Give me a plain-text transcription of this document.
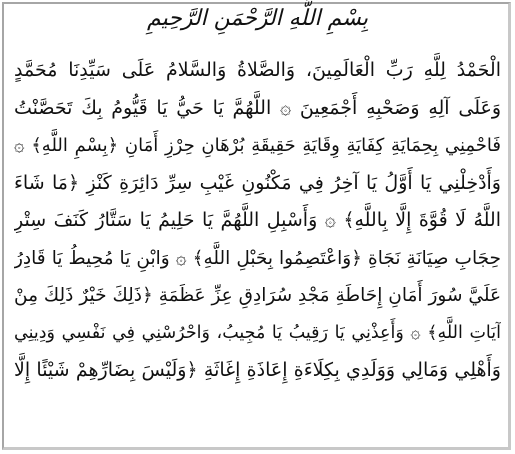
بِسْمِ اللَّهِ الرَّحْمَنِ الرَّحِيمِ
الْحَمْدُ لِلَّهِ رَبِّ الْعَالَمِينَ، وَالصَّلاةُ وَالسَّلامُ عَلَى سَيِّدِنَا مُحَمَّدٍ
وَعَلَى آلِهِ وَصَحْبِهِ أَجْمَعِينَ ۞ اللَّهُمَّ يَا حَيُّ يَا قَيُّومُ بِكَ تَحَصَّنْتُ
فَاحْمِنِي بِحِمَايَةِ كِفَايَةِ وِقَايَةِ حَقِيقَةِ بُرْهَانِ حِرْزِ أَمَانِ ﴿بِسْمِ اللَّهِ﴾ ۞
وَأَدْخِلْنِي يَا أَوَّلُ يَا آخِرُ فِي مَكْنُونِ غَيْبِ سِرِّ دَائِرَةِ كَنْزِ ﴿مَا شَاءَ
اللَّهُ لَا قُوَّةَ إِلَّا بِاللَّهِ﴾ ۞ وَأَسْبِلِ اللَّهُمَّ يَا حَلِيمُ يَا سَتَّارُ كَنَفَ سِتْرِ
حِجَابِ صِيَانَةِ نَجَاةِ ﴿وَاعْتَصِمُوا بِحَبْلِ اللَّهِ﴾ ۞ وَابْنِ يَا مُحِيطُ يَا قَادِرُ
عَلَيَّ سُورَ أَمَانِ إِحَاطَةِ مَجْدِ سُرَادِقِ عِزِّ عَظَمَةِ ﴿ذَلِكَ خَيْرٌ ذَلِكَ مِنْ
آيَاتِ اللَّهِ﴾ ۞ وَأَعِذْنِي يَا رَقِيبُ يَا مُجِيبُ، وَاحْرُسْنِي فِي نَفْسِي وَدِينِي
وَأَهْلِي وَمَالِي وَوَلَدِي بِكِلَاءَةِ إِعَاذَةِ إِغَاثَةِ ﴿وَلَيْسَ بِضَارِّهِمْ شَيْئًا إِلَّا
